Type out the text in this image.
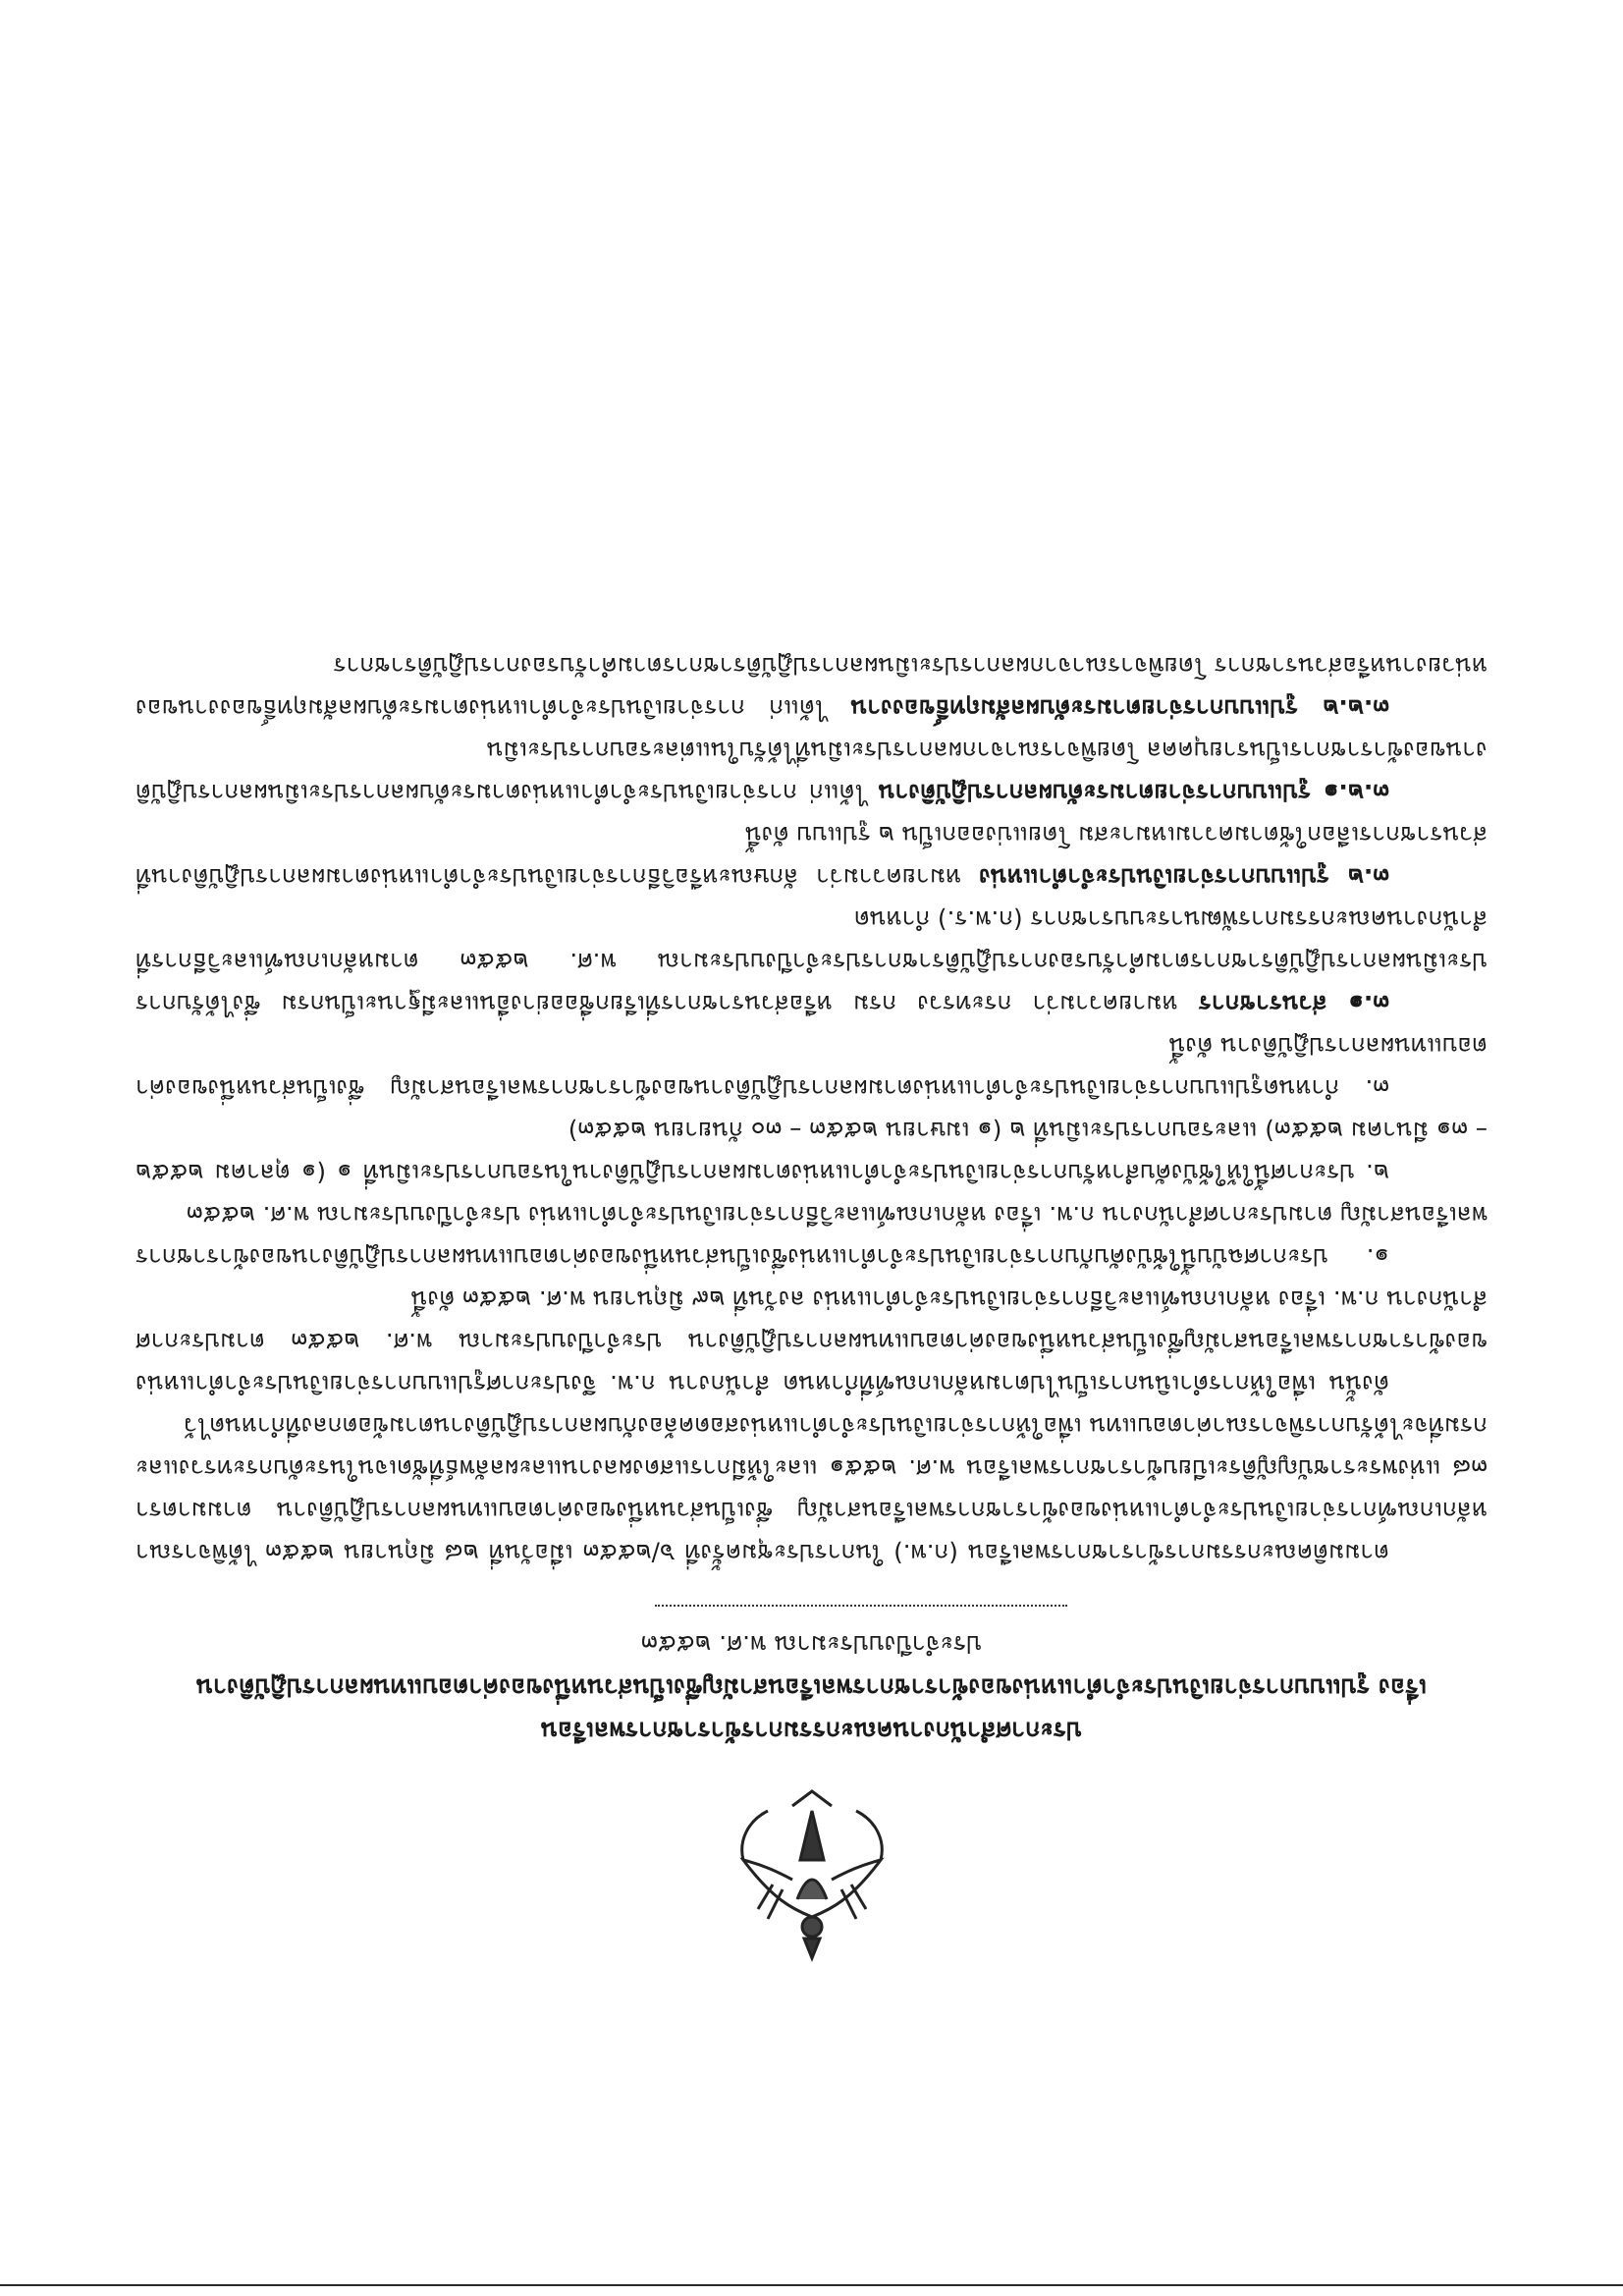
ประกาศสำนักงานคณะกรรมการข้าราชการพลเรือน
เรื่อง รูปแบบการจ่ายเงินประจำตำแหน่งของข้าราชการพลเรือนสามัญซึ่งเป็นส่วนหนึ่งของค่าตอบแทนผลการปฏิบัติงาน
ประจำปีงบประมาณ พ.ศ. ๒๕๕๓

ตามมติคณะกรรมการข้าราชการพลเรือน (ก.พ.) ในการประชุมครั้งที่ ๖/๒๕๕๓ เมื่อวันที่ ๒๘ มิถุนายน ๒๕๕๓ ได้พิจารณาหลักเกณฑ์การจ่ายเงินประจำตำแหน่งของข้าราชการพลเรือนสามัญ ซึ่งเป็นส่วนหนึ่งของค่าตอบแทนผลการปฏิบัติงาน ตามมาตรา ๓๘ แห่งพระราชบัญญัติระเบียบข้าราชการพลเรือน พ.ศ. ๒๕๕๑ และให้มีการแสดงผลงานและผลลัพธ์ที่ชัดเจนในระดับกระทรวงและกรมที่จะได้รับการพิจารณาค่าตอบแทน เพื่อให้การจ่ายเงินประจำตำแหน่งสอดคล้องกับผลการปฏิบัติงานตามข้อตกลงที่กำหนดไว้

ดังนั้น เพื่อให้การดำเนินการเป็นไปตามหลักเกณฑ์ที่กำหนด สำนักงาน ก.พ. จึงประกาศรูปแบบการจ่ายเงินประจำตำแหน่งของข้าราชการพลเรือนสามัญซึ่งเป็นส่วนหนึ่งของค่าตอบแทนผลการปฏิบัติงาน ประจำปีงบประมาณ พ.ศ. ๒๕๕๓ ตามประกาศสำนักงาน ก.พ. เรื่อง หลักเกณฑ์และวิธีการจ่ายเงินประจำตำแหน่ง ลงวันที่ ๒๙ มิถุนายน พ.ศ. ๒๕๕๓ ดังนี้

๑. ประกาศฉบับนี้ใช้บังคับกับการจ่ายเงินประจำตำแหน่งซึ่งเป็นส่วนหนึ่งของค่าตอบแทนผลการปฏิบัติงานของข้าราชการพลเรือนสามัญ ตามประกาศสำนักงาน ก.พ. เรื่อง หลักเกณฑ์และวิธีการจ่ายเงินประจำตำแหน่ง ประจำปีงบประมาณ พ.ศ. ๒๕๕๓

๒. ประกาศนี้ให้ใช้บังคับสำหรับการจ่ายเงินประจำตำแหน่งตามผลการปฏิบัติงานในรอบการประเมินที่ ๑ (๑ ตุลาคม ๒๕๕๒ – ๓๑ มีนาคม ๒๕๕๓) และรอบการประเมินที่ ๒ (๑ เมษายน ๒๕๕๓ – ๓๐ กันยายน ๒๕๕๓)

๓. กำหนดรูปแบบการจ่ายเงินประจำตำแหน่งตามผลการปฏิบัติงานของข้าราชการพลเรือนสามัญ ซึ่งเป็นส่วนหนึ่งของค่าตอบแทนผลการปฏิบัติงาน ดังนี้

๓.๑ ส่วนราชการ หมายความว่า กระทรวง กรม หรือส่วนราชการที่เรียกชื่ออย่างอื่นและมีฐานะเป็นกรม ซึ่งได้รับการประเมินผลการปฏิบัติราชการตามคำรับรองการปฏิบัติราชการประจำปีงบประมาณ พ.ศ. ๒๕๕๓ ตามหลักเกณฑ์และวิธีการที่สำนักงานคณะกรรมการพัฒนาระบบราชการ (ก.พ.ร.) กำหนด

๓.๒ รูปแบบการจ่ายเงินประจำตำแหน่ง หมายความว่า ลักษณะหรือวิธีการจ่ายเงินประจำตำแหน่งตามผลการปฏิบัติงานที่ส่วนราชการเลือกใช้ตามความเหมาะสม โดยแบ่งออกเป็น ๒ รูปแบบ ดังนี้

๓.๒.๑ รูปแบบการจ่ายตามระดับผลการปฏิบัติงาน ได้แก่ การจ่ายเงินประจำตำแหน่งตามระดับผลการประเมินผลการปฏิบัติงานของข้าราชการเป็นรายบุคคล โดยพิจารณาจากผลการประเมินที่ได้รับในแต่ละรอบการประเมิน

๓.๒.๒ รูปแบบการจ่ายตามระดับผลสัมฤทธิ์ของงาน ได้แก่ การจ่ายเงินประจำตำแหน่งตามระดับผลสัมฤทธิ์ของงานของหน่วยงานหรือส่วนราชการ โดยพิจารณาจากผลการประเมินผลการปฏิบัติราชการตามคำรับรองการปฏิบัติราชการ
